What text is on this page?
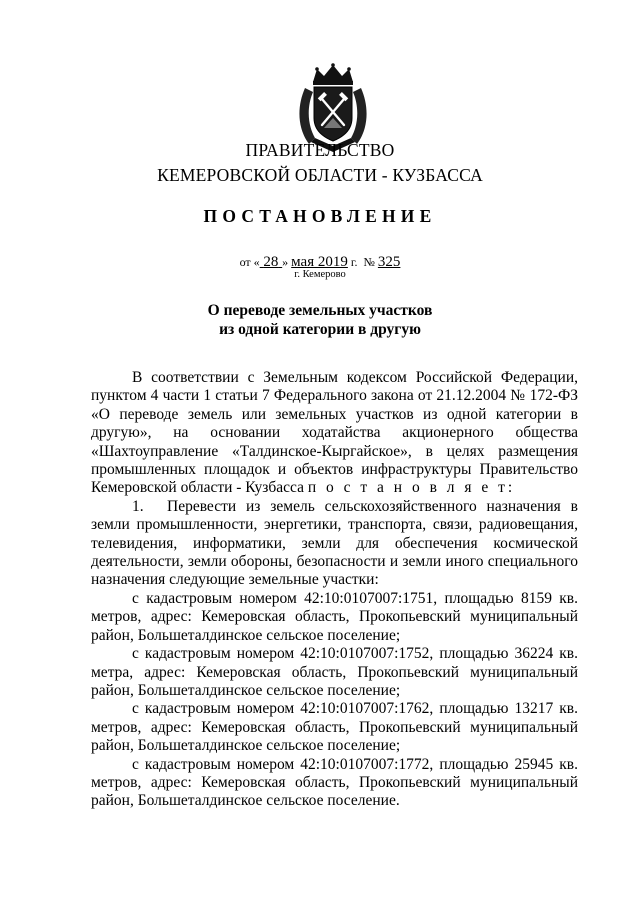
ПРАВИТЕЛЬСТВО
КЕМЕРОВСКОЙ ОБЛАСТИ - КУЗБАССА
ПОСТАНОВЛЕНИЕ
от « 28 » мая 2019 г. № 325
г. Кемерово
О переводе земельных участков
из одной категории в другую

В соответствии с Земельным кодексом Российской Федерации, пунктом 4 части 1 статьи 7 Федерального закона от 21.12.2004 № 172-ФЗ «О переводе земель или земельных участков из одной категории в другую», на основании ходатайства акционерного общества «Шахтоуправление «Талдинское-Кыргайское», в целях размещения промышленных площадок и объектов инфраструктуры Правительство Кемеровской области - Кузбасса п о с т а н о в л я е т:

1. Перевести из земель сельскохозяйственного назначения в земли промышленности, энергетики, транспорта, связи, радиовещания, телевидения, информатики, земли для обеспечения космической деятельности, земли обороны, безопасности и земли иного специального назначения следующие земельные участки:

с кадастровым номером 42:10:0107007:1751, площадью 8159 кв. метров, адрес: Кемеровская область, Прокопьевский муниципальный район, Большеталдинское сельское поселение;

с кадастровым номером 42:10:0107007:1752, площадью 36224 кв. метра, адрес: Кемеровская область, Прокопьевский муниципальный район, Большеталдинское сельское поселение;

с кадастровым номером 42:10:0107007:1762, площадью 13217 кв. метров, адрес: Кемеровская область, Прокопьевский муниципальный район, Большеталдинское сельское поселение;

с кадастровым номером 42:10:0107007:1772, площадью 25945 кв. метров, адрес: Кемеровская область, Прокопьевский муниципальный район, Большеталдинское сельское поселение.
